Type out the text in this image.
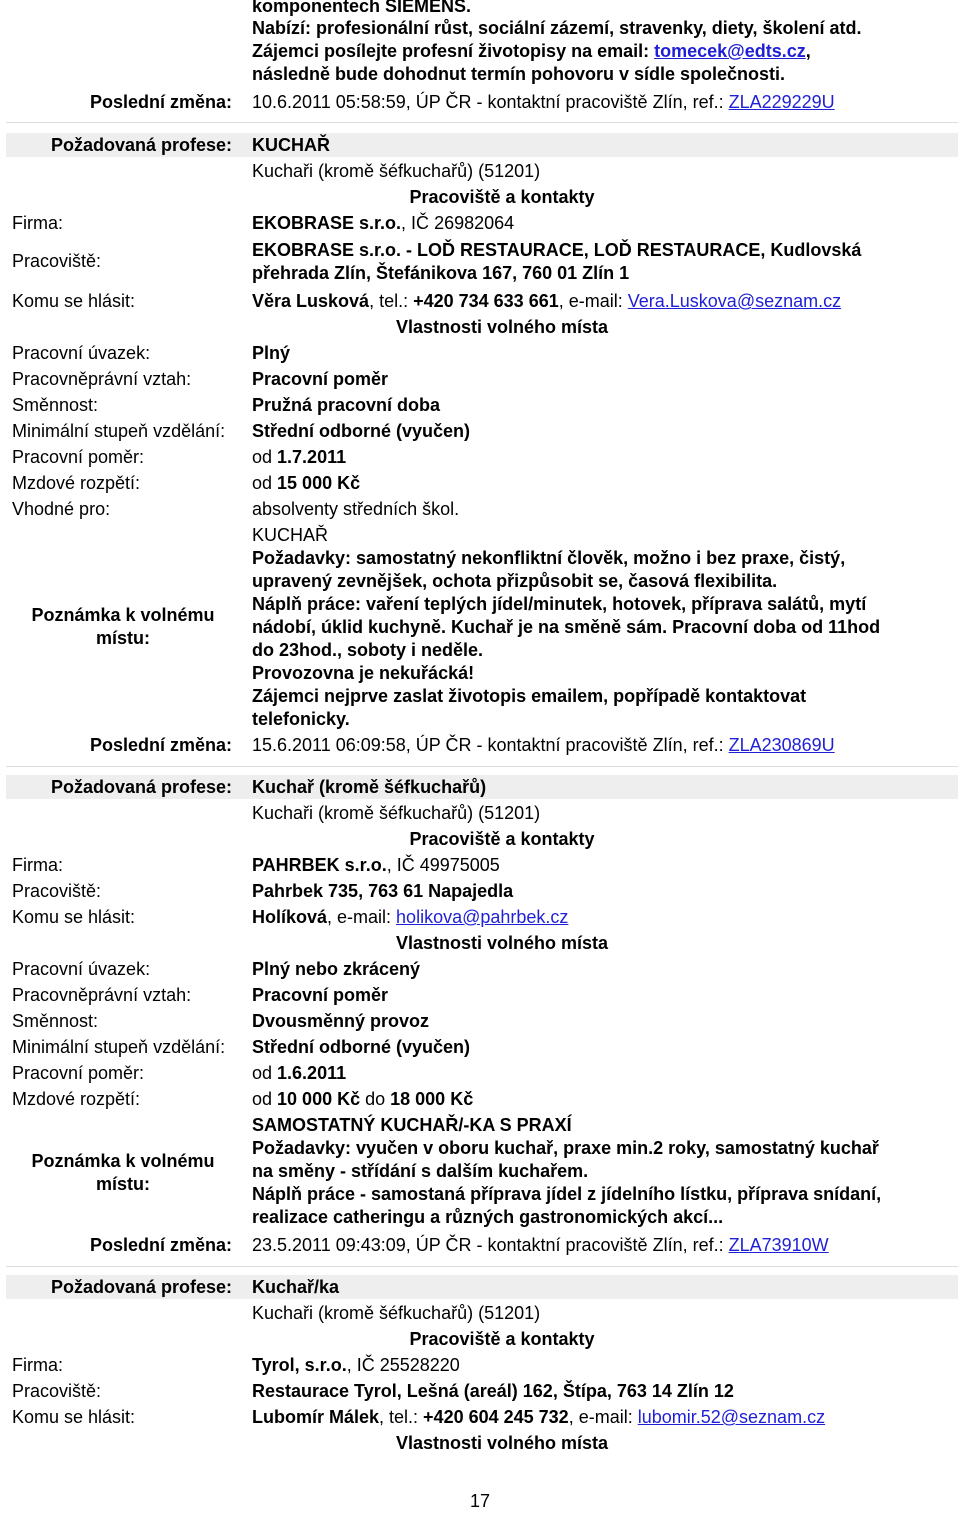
komponentech SIEMENS.
Nabízí: profesionální růst, sociální zázemí, stravenky, diety, školení atd.
Zájemci posílejte profesní životopisy na email: tomecek@edts.cz,
následně bude dohodnut termín pohovoru v sídle společnosti.
Poslední změna: 10.6.2011 05:58:59, ÚP ČR - kontaktní pracoviště Zlín, ref.: ZLA229229U
Požadovaná profese: KUCHAŘ
Kuchaři (kromě šéfkuchařů) (51201)
Pracoviště a kontakty
Firma:	EKOBRASE s.r.o., IČ 26982064
Pracoviště:
EKOBRASE s.r.o. - LOĎ RESTAURACE, LOĎ RESTAURACE, Kudlovská
přehrada Zlín, Štefánikova 167, 760 01 Zlín 1
Komu se hlásit:	Věra Lusková, tel.: +420 734 633 661, e-mail: Vera.Luskova@seznam.cz
Vlastnosti volného místa
Pracovní úvazek:	Plný
Pracovněprávní vztah:	Pracovní poměr
Směnnost:	Pružná pracovní doba
Minimální stupeň vzdělání: Střední odborné (vyučen)
Pracovní poměr:	od 1.7.2011
Mzdové rozpětí:	od 15 000 Kč
Vhodné pro:	absolventy středních škol.
Poznámka k volnému místu:
KUCHAŘ
Požadavky: samostatný nekonfliktní člověk, možno i bez praxe, čistý,
upravený zevnějšek, ochota přizpůsobit se, časová flexibilita.
Náplň práce: vaření teplých jídel/minutek, hotovek, příprava salátů, mytí
nádobí, úklid kuchyně. Kuchař je na směně sám. Pracovní doba od 11hod
do 23hod., soboty i neděle.
Provozovna je nekuřácká!
Zájemci nejprve zaslat životopis emailem, popřípadě kontaktovat
telefonicky.
Poslední změna: 15.6.2011 06:09:58, ÚP ČR - kontaktní pracoviště Zlín, ref.: ZLA230869U
Požadovaná profese: Kuchař (kromě šéfkuchařů)
Kuchaři (kromě šéfkuchařů) (51201)
Pracoviště a kontakty
Firma:	PAHRBEK s.r.o., IČ 49975005
Pracoviště:	Pahrbek 735, 763 61 Napajedla
Komu se hlásit:	Holíková, e-mail: holikova@pahrbek.cz
Vlastnosti volného místa
Pracovní úvazek:	Plný nebo zkrácený
Pracovněprávní vztah:	Pracovní poměr
Směnnost:	Dvousměnný provoz
Minimální stupeň vzdělání: Střední odborné (vyučen)
Pracovní poměr:	od 1.6.2011
Mzdové rozpětí:	od 10 000 Kč do 18 000 Kč
Poznámka k volnému místu:
SAMOSTATNÝ KUCHAŘ/-KA S PRAXÍ
Požadavky: vyučen v oboru kuchař, praxe min.2 roky, samostatný kuchař
na směny - střídání s dalším kuchařem.
Náplň práce - samostaná příprava jídel z jídelního lístku, příprava snídaní,
realizace catheringu a různých gastronomických akcí...
Poslední změna: 23.5.2011 09:43:09, ÚP ČR - kontaktní pracoviště Zlín, ref.: ZLA73910W
Požadovaná profese: Kuchař/ka
Kuchaři (kromě šéfkuchařů) (51201)
Pracoviště a kontakty
Firma:	Tyrol, s.r.o., IČ 25528220
Pracoviště:	Restaurace Tyrol, Lešná (areál) 162, Štípa, 763 14 Zlín 12
Komu se hlásit:	Lubomír Málek, tel.: +420 604 245 732, e-mail: lubomir.52@seznam.cz
Vlastnosti volného místa
17
